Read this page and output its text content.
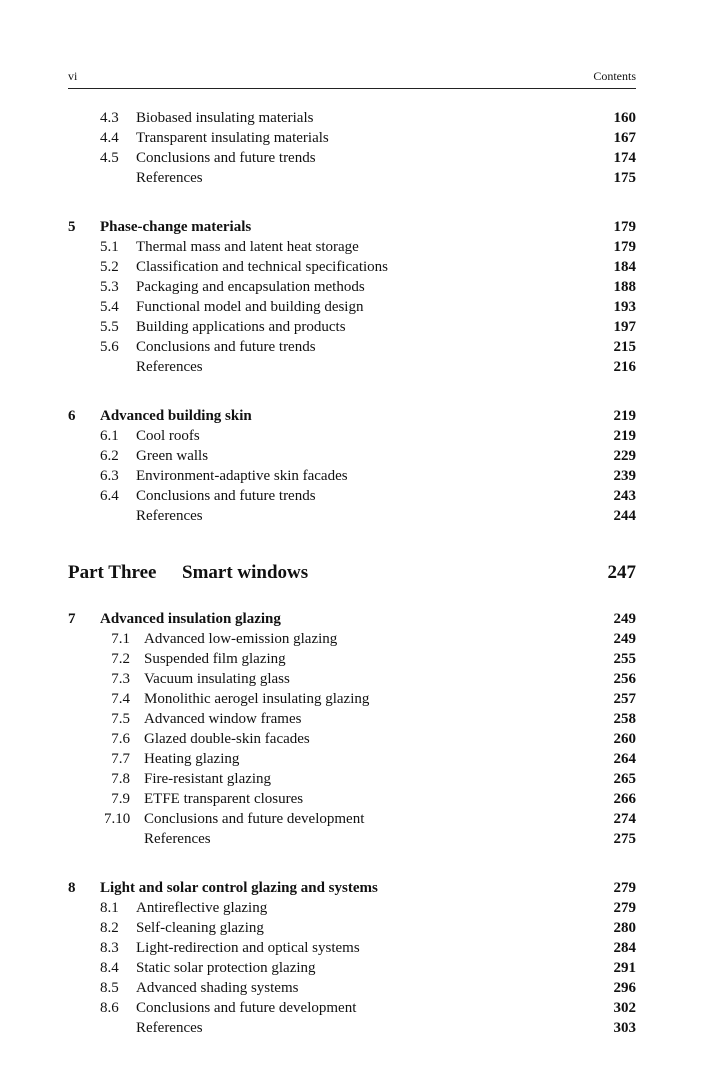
vi	Contents
4.3 Biobased insulating materials	160
4.4 Transparent insulating materials	167
4.5 Conclusions and future trends	174
References	175
5 Phase-change materials	179
5.1 Thermal mass and latent heat storage	179
5.2 Classification and technical specifications	184
5.3 Packaging and encapsulation methods	188
5.4 Functional model and building design	193
5.5 Building applications and products	197
5.6 Conclusions and future trends	215
References	216
6 Advanced building skin	219
6.1 Cool roofs	219
6.2 Green walls	229
6.3 Environment-adaptive skin facades	239
6.4 Conclusions and future trends	243
References	244
Part Three Smart windows	247
7 Advanced insulation glazing	249
7.1 Advanced low-emission glazing	249
7.2 Suspended film glazing	255
7.3 Vacuum insulating glass	256
7.4 Monolithic aerogel insulating glazing	257
7.5 Advanced window frames	258
7.6 Glazed double-skin facades	260
7.7 Heating glazing	264
7.8 Fire-resistant glazing	265
7.9 ETFE transparent closures	266
7.10 Conclusions and future development	274
References	275
8 Light and solar control glazing and systems	279
8.1 Antireflective glazing	279
8.2 Self-cleaning glazing	280
8.3 Light-redirection and optical systems	284
8.4 Static solar protection glazing	291
8.5 Advanced shading systems	296
8.6 Conclusions and future development	302
References	303
